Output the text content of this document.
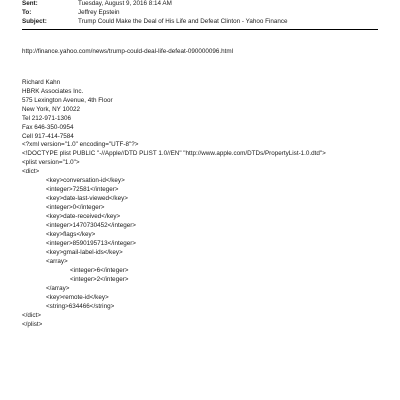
Sent:	Tuesday, August 9, 2016 8:14 AM
To:	Jeffrey Epstein
Subject:	Trump Could Make the Deal of His Life and Defeat Clinton - Yahoo Finance
http://finance.yahoo.com/news/trump-could-deal-life-defeat-090000096.html
Richard Kahn
HBRK Associates Inc.
575 Lexington Avenue, 4th Floor
New York, NY 10022
Tel 212-971-1306
Fax 646-350-0954
Cell 917-414-7584
<?xml version="1.0" encoding="UTF-8"?>
<!DOCTYPE plist PUBLIC "-//Apple//DTD PLIST 1.0//EN" "http://www.apple.com/DTDs/PropertyList-1.0.dtd">
<plist version="1.0">
<dict>
<key>conversation-id</key>
<integer>72581</integer>
<key>date-last-viewed</key>
<integer>0</integer>
<key>date-received</key>
<integer>1470730452</integer>
<key>flags</key>
<integer>8590195713</integer>
<key>gmail-label-ids</key>
<array>
<integer>6</integer>
<integer>2</integer>
</array>
<key>remote-id</key>
<string>634466</string>
</dict>
</plist>
